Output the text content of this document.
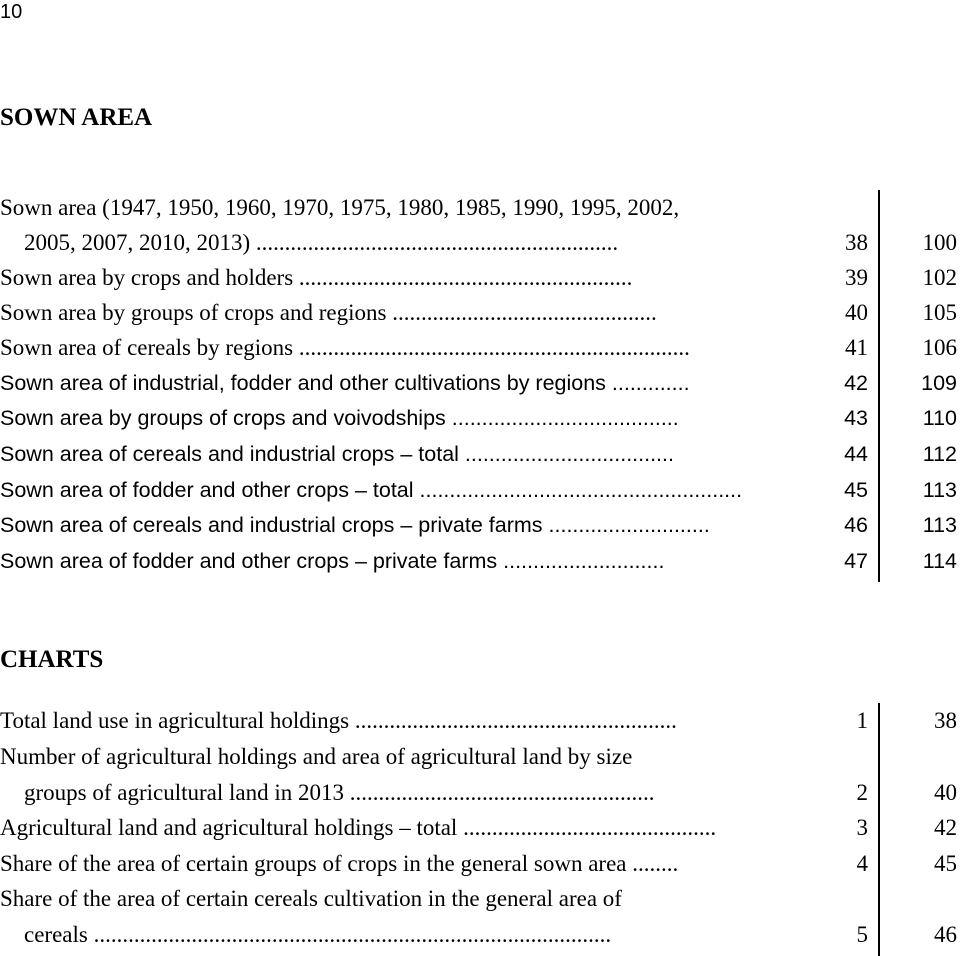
10
SOWN AREA
Sown area (1947, 1950, 1960, 1970, 1975, 1980, 1985, 1990, 1995, 2002,
2005, 2007, 2010, 2013) ...............................................................	38	100
Sown area by crops and holders ..........................................................	39	102
Sown area by groups of crops and regions ..............................................	40	105
Sown area of cereals by regions ....................................................................	41	106
Sown area of industrial, fodder and other cultivations by regions .............	42	109
Sown area by groups of crops and voivodships ......................................	43	110
Sown area of cereals and industrial crops – total ...................................	44	112
Sown area of fodder and other crops – total ......................................................	45	113
Sown area of cereals and industrial crops – private farms ...........................	46	113
Sown area of fodder and other crops – private farms ...........................	47	114
CHARTS
Total land use in agricultural holdings ........................................................	1	38
Number of agricultural holdings and area of agricultural land by size
groups of agricultural land in 2013 .....................................................	2	40
Agricultural land and agricultural holdings – total ............................................	3	42
Share of the area of certain groups of crops in the general sown area ........	4	45
Share of the area of certain cereals cultivation in the general area of
cereals ..........................................................................................	5	46
